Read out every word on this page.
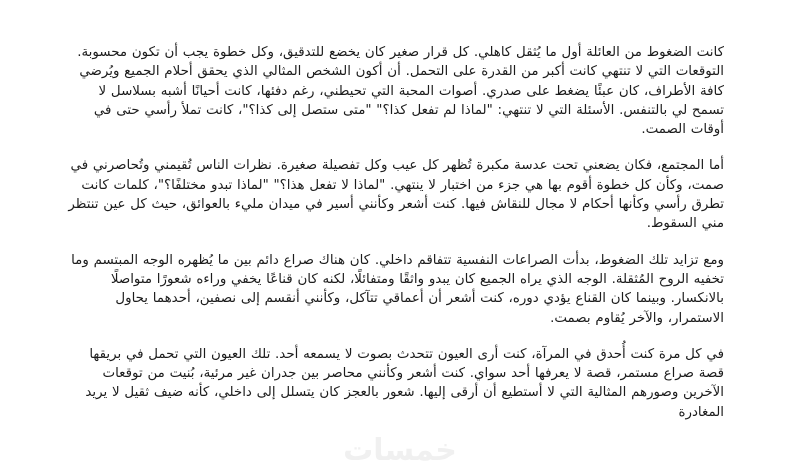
كانت الضغوط من العائلة أول ما يُثقل كاهلي. كل قرار صغير كان يخضع للتدقيق، وكل خطوة يجب أن تكون محسوبة. التوقعات التي لا تنتهي كانت أكبر من القدرة على التحمل. أن أكون الشخص المثالي الذي يحقق أحلام الجميع ويُرضي كافة الأطراف، كان عبئًا يضغط على صدري. أصوات المحبة التي تحيطني، رغم دفئها، كانت أحيانًا أشبه بسلاسل لا تسمح لي بالتنفس. الأسئلة التي لا تنتهي: "لماذا لم تفعل كذا؟" "متى ستصل إلى كذا؟"، كانت تملأ رأسي حتى في أوقات الصمت.

أما المجتمع، فكان يضعني تحت عدسة مكبرة تُظهر كل عيب وكل تفصيلة صغيرة. نظرات الناس تُقيمني وتُحاصرني في صمت، وكأن كل خطوة أقوم بها هي جزء من اختبار لا ينتهي. "لماذا لا تفعل هذا؟" "لماذا تبدو مختلفًا؟"، كلمات كانت تطرق رأسي وكأنها أحكام لا مجال للنقاش فيها. كنت أشعر وكأنني أسير في ميدان مليء بالعوائق، حيث كل عين تنتظر مني السقوط.

ومع تزايد تلك الضغوط، بدأت الصراعات النفسية تتفاقم داخلي. كان هناك صراع دائم بين ما يُظهره الوجه المبتسم وما تخفيه الروح المُثقلة. الوجه الذي يراه الجميع كان يبدو واثقًا ومتفائلًا، لكنه كان قناعًا يخفي وراءه شعورًا متواصلًا بالانكسار. وبينما كان القناع يؤدي دوره، كنت أشعر أن أعماقي تتآكل، وكأنني أنقسم إلى نصفين، أحدهما يحاول الاستمرار، والآخر يُقاوم بصمت.

في كل مرة كنت أُحدق في المرآة، كنت أرى العيون تتحدث بصوت لا يسمعه أحد. تلك العيون التي تحمل في بريقها قصة صراع مستمر، قصة لا يعرفها أحد سواي. كنت أشعر وكأنني محاصر بين جدران غير مرئية، بُنيت من توقعات الآخرين وصورهم المثالية التي لا أستطيع أن أرقى إليها. شعور بالعجز كان يتسلل إلى داخلي، كأنه ضيف ثقيل لا يريد المغادرة

خمسات
